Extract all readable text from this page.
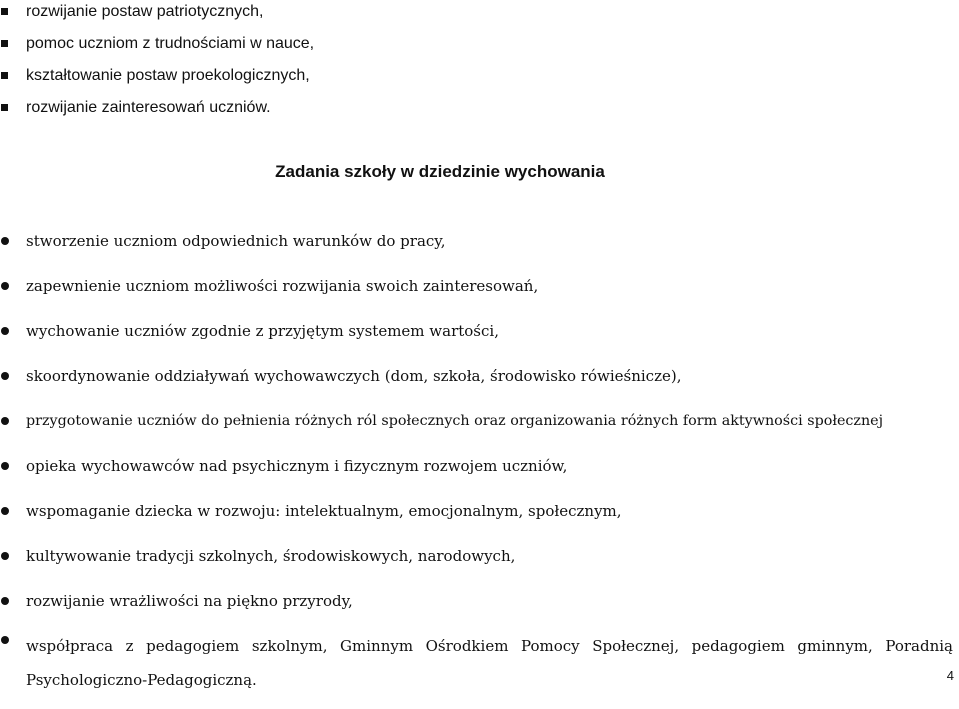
rozwijanie postaw patriotycznych,
pomoc uczniom z trudnościami w nauce,
kształtowanie postaw proekologicznych,
rozwijanie zainteresowań uczniów.
Zadania szkoły w dziedzinie wychowania
stworzenie uczniom odpowiednich warunków do pracy,
zapewnienie uczniom możliwości rozwijania swoich zainteresowań,
wychowanie uczniów zgodnie z przyjętym systemem wartości,
skoordynowanie oddziaływań wychowawczych (dom, szkoła, środowisko rówieśnicze),
przygotowanie uczniów do pełnienia różnych ról społecznych oraz organizowania różnych form aktywności społecznej
opieka wychowawców nad psychicznym i fizycznym rozwojem uczniów,
wspomaganie dziecka w rozwoju: intelektualnym, emocjonalnym, społecznym,
kultywowanie tradycji szkolnych, środowiskowych, narodowych,
rozwijanie wrażliwości na piękno przyrody,
współpraca z pedagogiem szkolnym, Gminnym Ośrodkiem Pomocy Społecznej, pedagogiem gminnym, Poradnią Psychologiczno-Pedagogiczną.	4
